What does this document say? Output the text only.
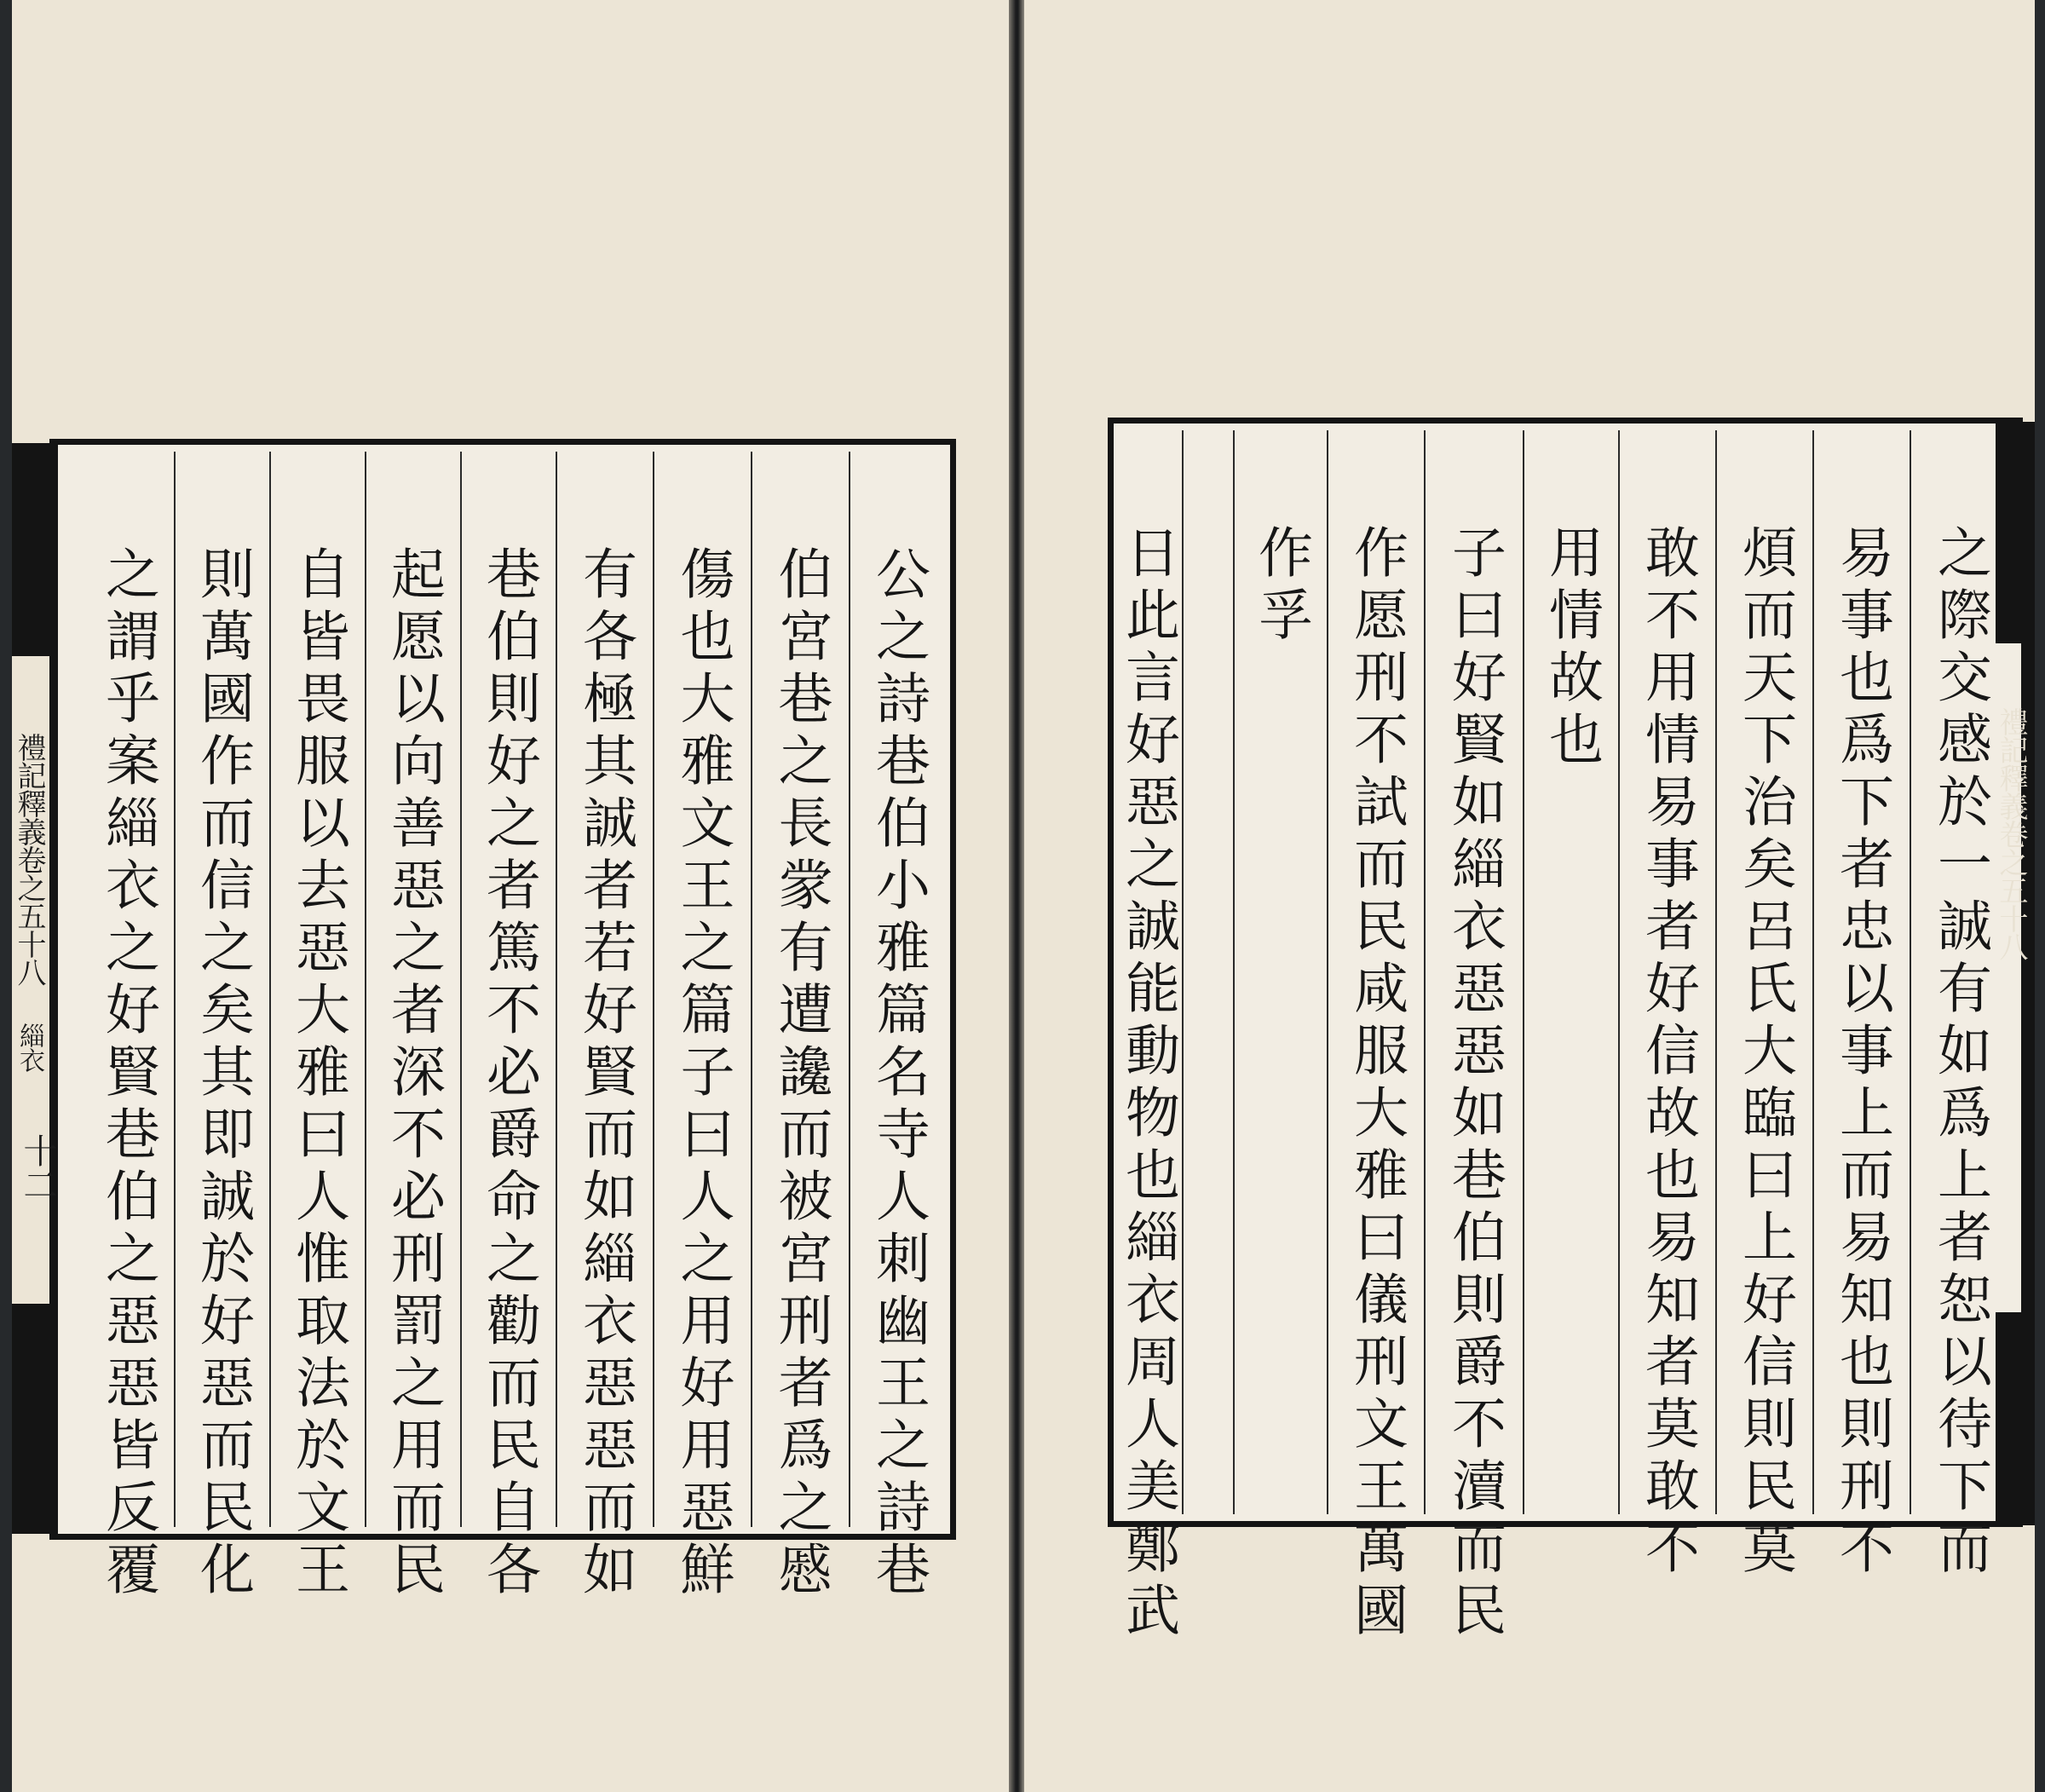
公之詩巷伯小雅篇名寺人刺幽王之詩巷
伯宮巷之長䝉有遭讒而被宮刑者爲之慼
傷也大雅文王之篇子曰人之用好用惡鮮
有各極其誠者若好賢而如緇衣惡惡而如
巷伯則好之者篤不必爵命之勸而民自各
起愿以向善惡之者深不必刑罰之用而民
自皆畏服以去惡大雅曰人惟取法於文王
則萬國作而信之矣其即誠於好惡而民化
之謂乎案緇衣之好賢巷伯之惡惡皆反覆
禮記釋義卷之五十八
緇衣
十二	之際交感於一誠有如爲上者恕以待下而
易事也爲下者忠以事上而易知也則刑不
煩而天下治矣呂氏大臨曰上好信則民莫
敢不用情易事者好信故也易知者莫敢不
用情故也
子曰好賢如緇衣惡惡如巷伯則爵不瀆而民
作愿刑不試而民咸服大雅曰儀刑文王萬國
作孚
日此言好惡之誠能動物也緇衣周人美鄭武	禮記釋義卷之五十八
